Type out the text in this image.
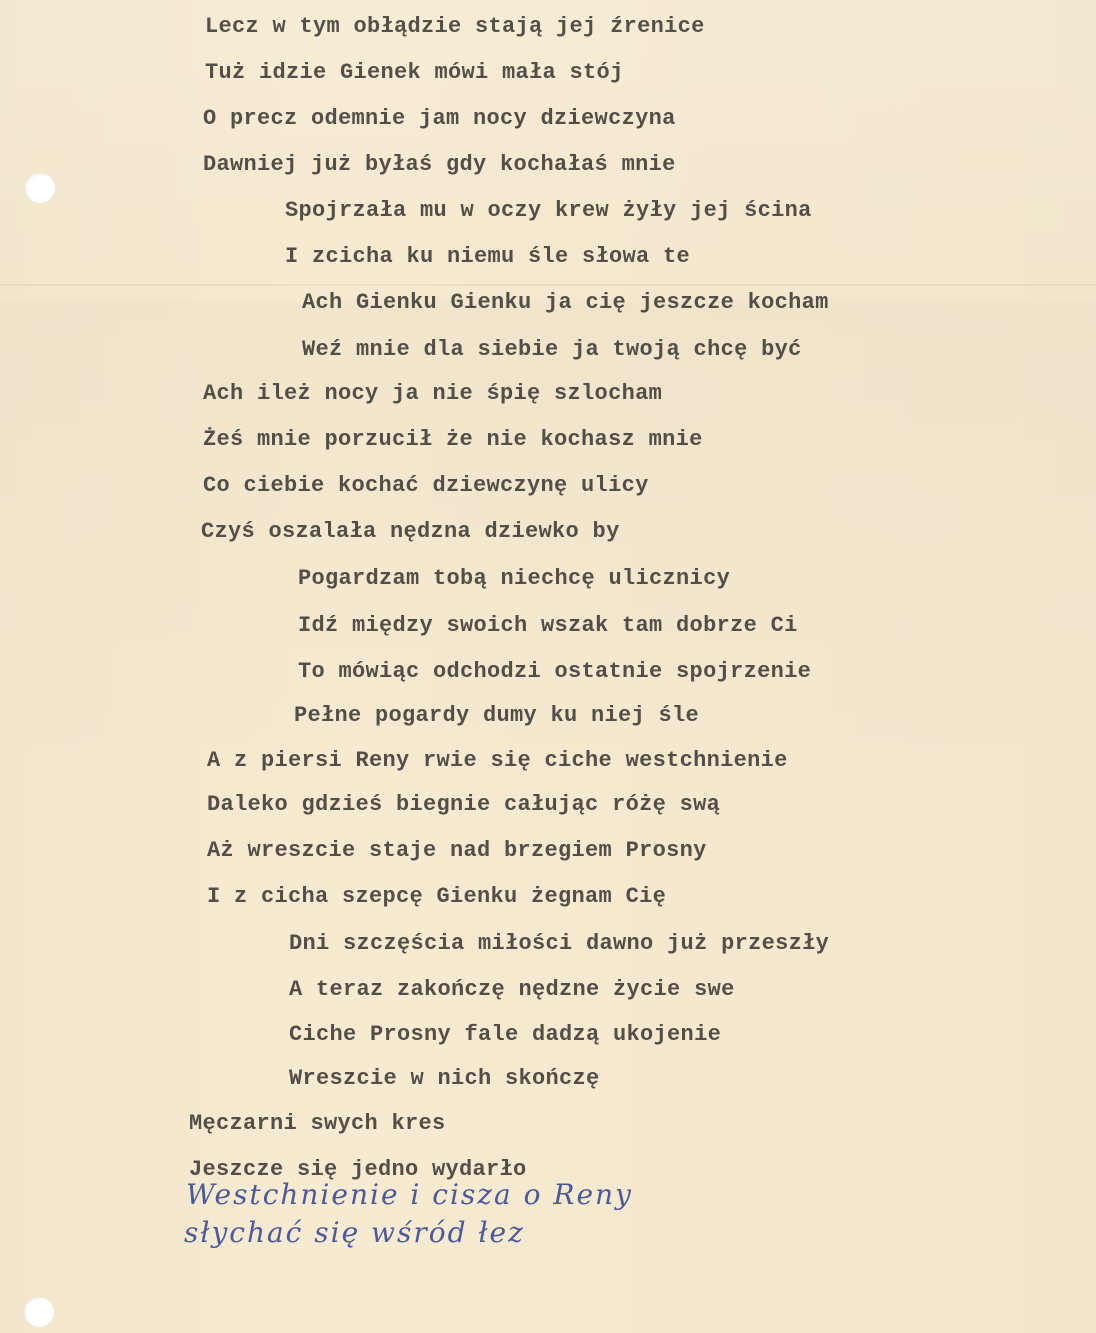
Lecz w tym obłądzie stają jej źrenice

Tuż idzie Gienek mówi mała stój

O precz odemnie jam nocy dziewczyna

Dawniej już byłaś gdy kochałaś mnie

Spojrzała mu w oczy krew żyły jej ścina

I zcicha ku niemu śle słowa te

Ach Gienku Gienku ja cię jeszcze kocham

Weź mnie dla siebie ja twoją chcę być

Ach ileż nocy ja nie śpię szlocham

Żeś mnie porzucił że nie kochasz mnie

Co ciebie kochać dziewczynę ulicy

Czyś oszalała nędzna dziewko by

Pogardzam tobą niechcę ulicznicy

Idź między swoich wszak tam dobrze Ci

To mówiąc odchodzi ostatnie spojrzenie

Pełne pogardy dumy ku niej śle

A z piersi Reny rwie się ciche westchnienie

Daleko gdzieś biegnie całując różę swą

Aż wreszcie staje nad brzegiem Prosny

I z cicha szepcę Gienku żegnam Cię

Dni szczęścia miłości dawno już przeszły

A teraz zakończę nędzne życie swe

Ciche Prosny fale dadzą ukojenie

Wreszcie w nich skończę

Męczarni swych kres

Jeszcze się jedno wydarło

Westchnienie i cisza o Reny

słychać się wśród łez
